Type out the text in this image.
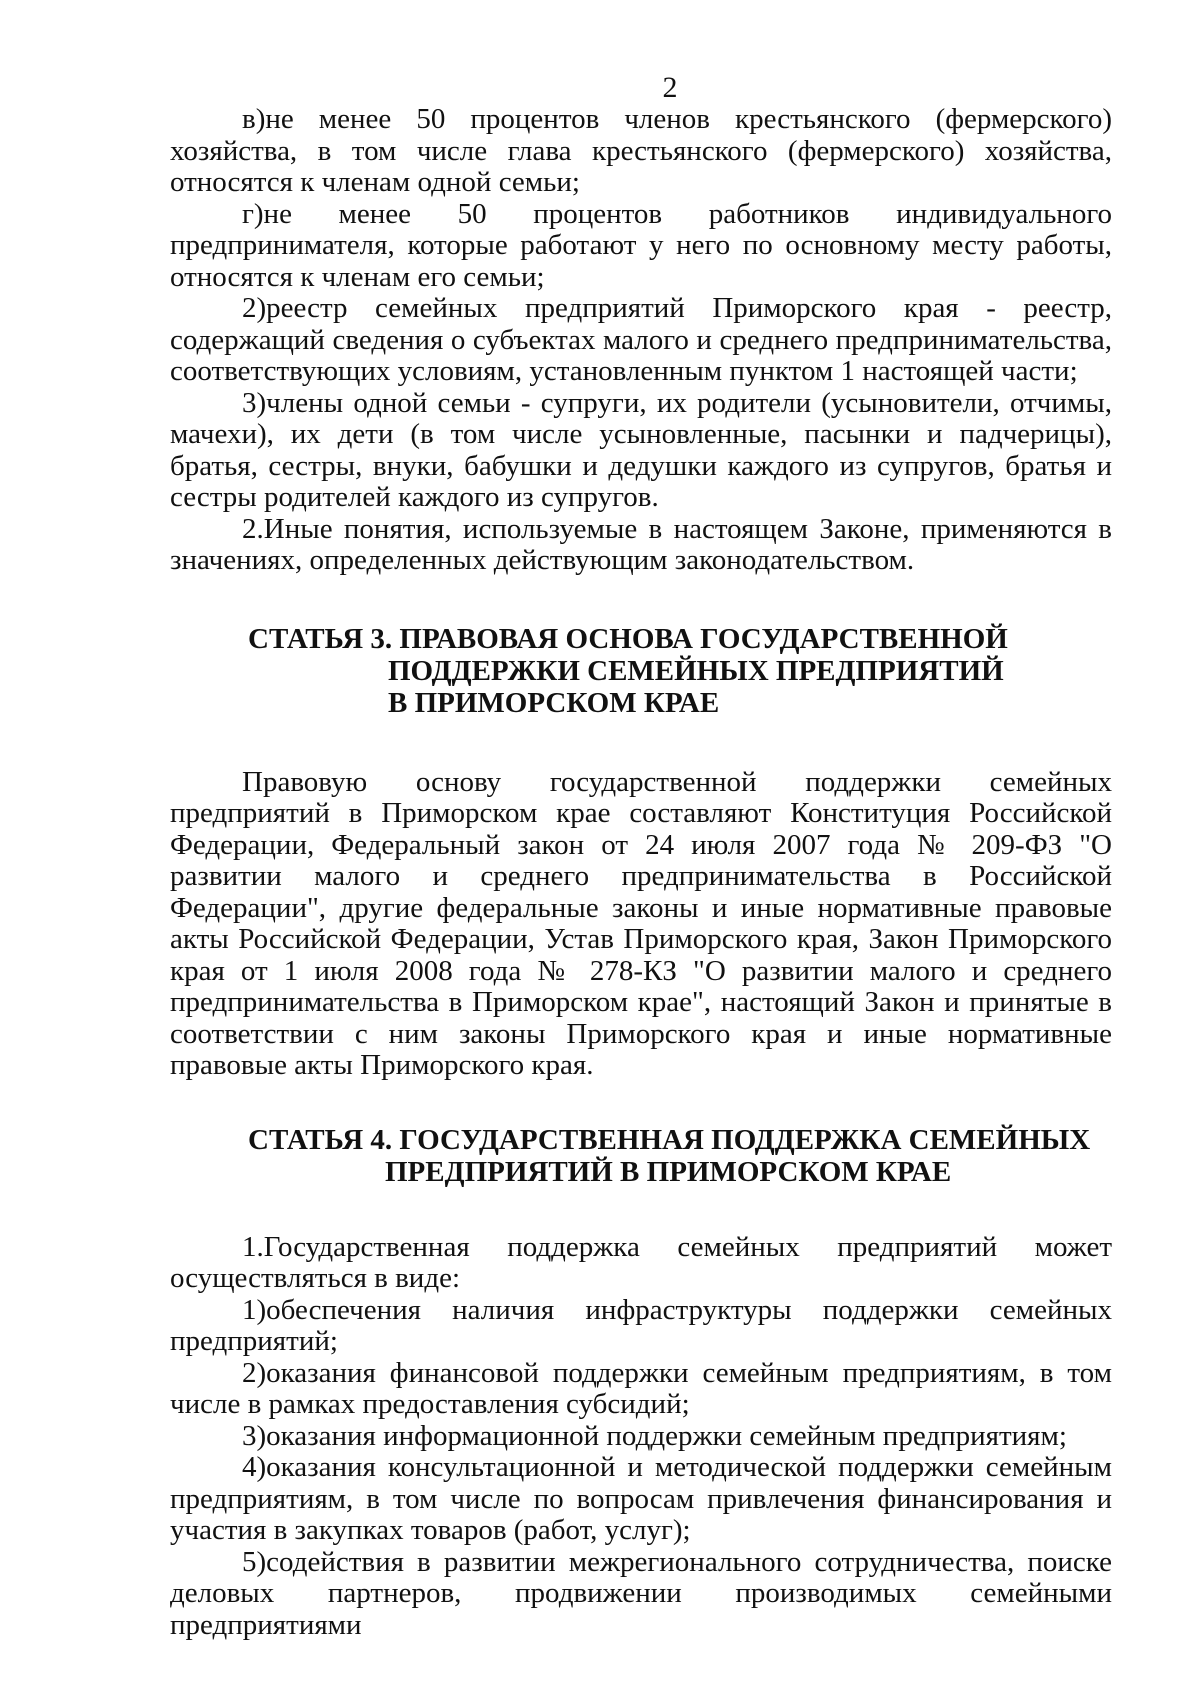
2

в)не менее 50 процентов членов крестьянского (фермерского) хозяйства, в том числе глава крестьянского (фермерского) хозяйства, относятся к членам одной семьи;

г)не менее 50 процентов работников индивидуального предпринимателя, которые работают у него по основному месту работы, относятся к членам его семьи;

2)реестр семейных предприятий Приморского края - реестр, содержащий сведения о субъектах малого и среднего предпринимательства, соответствующих условиям, установленным пунктом 1 настоящей части;

3)члены одной семьи - супруги, их родители (усыновители, отчимы, мачехи), их дети (в том числе усыновленные, пасынки и падчерицы), братья, сестры, внуки, бабушки и дедушки каждого из супругов, братья и сестры родителей каждого из супругов.

2.Иные понятия, используемые в настоящем Законе, применяются в значениях, определенных действующим законодательством.

СТАТЬЯ 3. ПРАВОВАЯ ОСНОВА ГОСУДАРСТВЕННОЙ
ПОДДЕРЖКИ СЕМЕЙНЫХ ПРЕДПРИЯТИЙ
В ПРИМОРСКОМ КРАЕ

Правовую основу государственной поддержки семейных предприятий в Приморском крае составляют Конституция Российской Федерации, Федеральный закон от 24 июля 2007 года № 209-ФЗ "О развитии малого и среднего предпринимательства в Российской Федерации", другие федеральные законы и иные нормативные правовые акты Российской Федерации, Устав Приморского края, Закон Приморского края от 1 июля 2008 года № 278-КЗ "О развитии малого и среднего предпринимательства в Приморском крае", настоящий Закон и принятые в соответствии с ним законы Приморского края и иные нормативные правовые акты Приморского края.

СТАТЬЯ 4. ГОСУДАРСТВЕННАЯ ПОДДЕРЖКА СЕМЕЙНЫХ
ПРЕДПРИЯТИЙ В ПРИМОРСКОМ КРАЕ

1.Государственная поддержка семейных предприятий может осуществляться в виде:

1)обеспечения наличия инфраструктуры поддержки семейных предприятий;

2)оказания финансовой поддержки семейным предприятиям, в том числе в рамках предоставления субсидий;

3)оказания информационной поддержки семейным предприятиям;

4)оказания консультационной и методической поддержки семейным предприятиям, в том числе по вопросам привлечения финансирования и участия в закупках товаров (работ, услуг);

5)содействия в развитии межрегионального сотрудничества, поиске деловых партнеров, продвижении производимых семейными предприятиями
